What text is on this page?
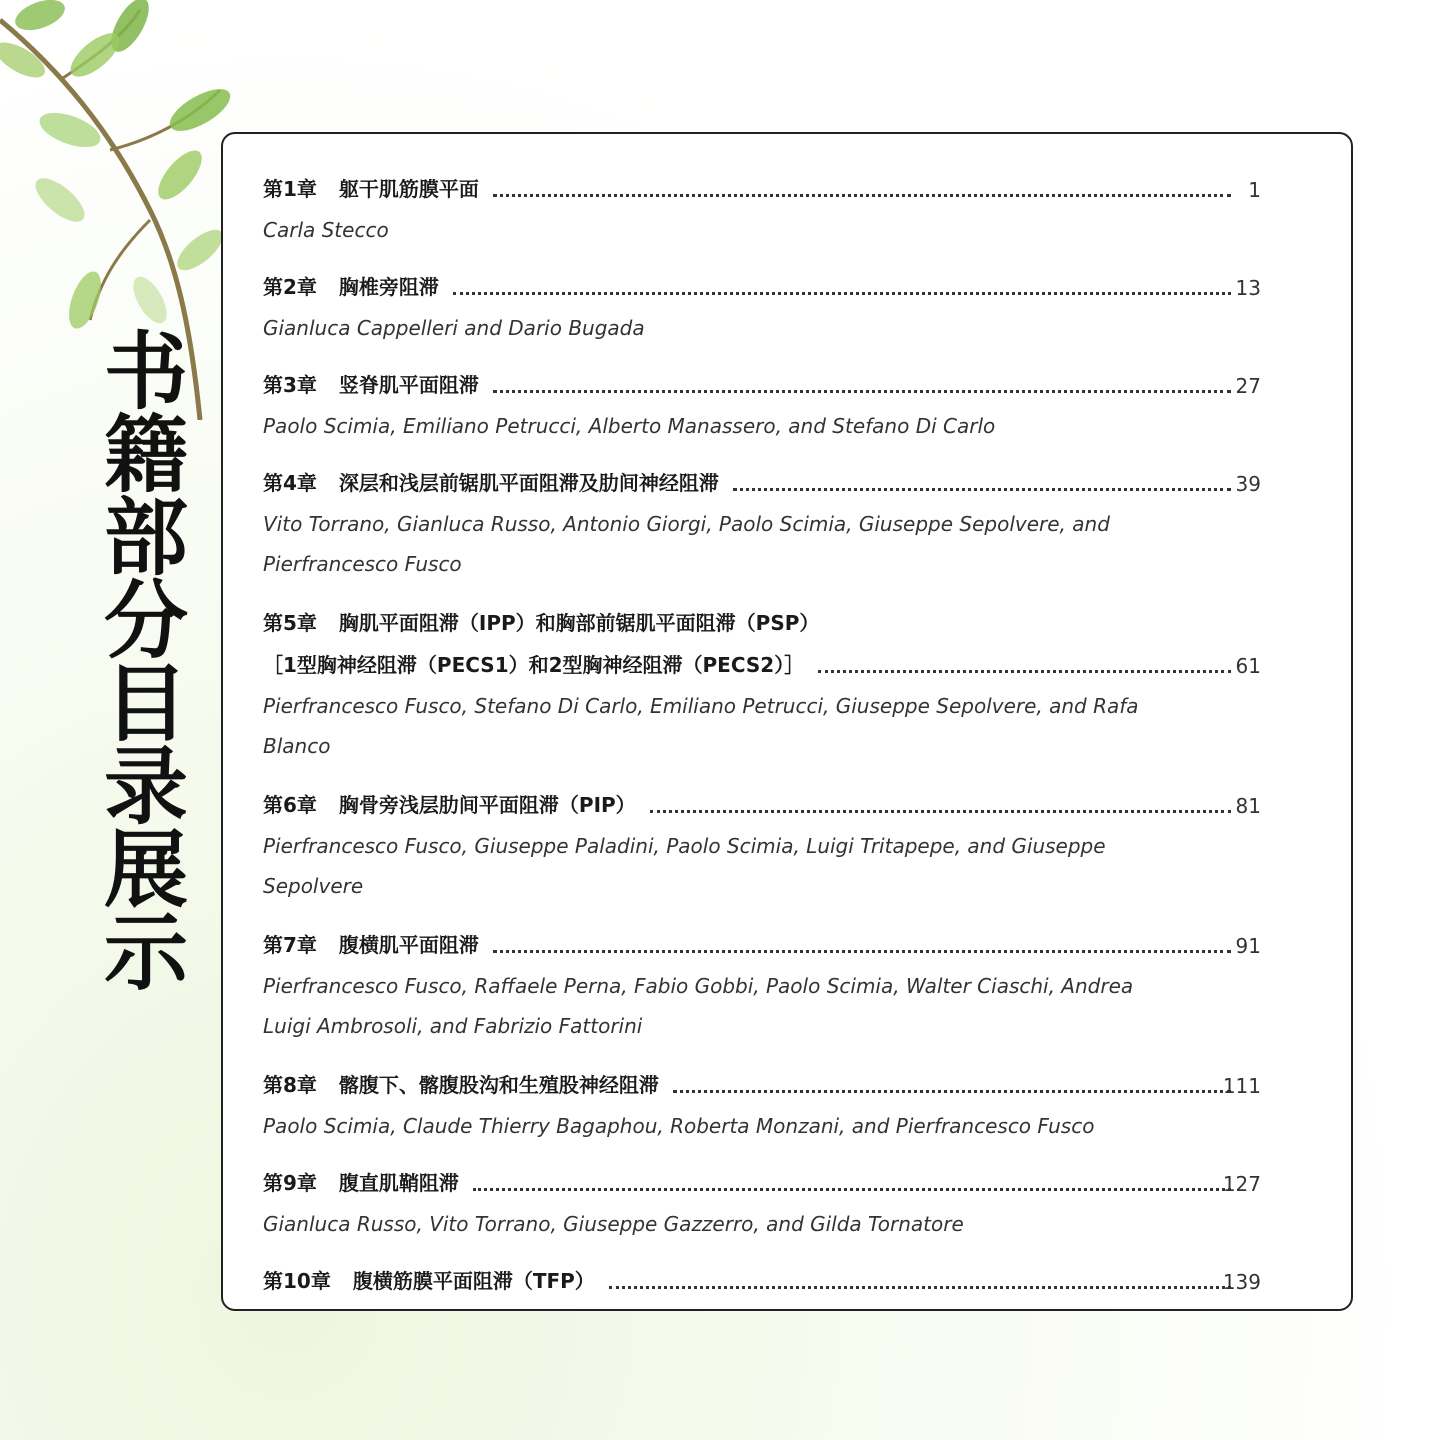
书
籍
部
分
目
录
展
示
第1章 躯干肌筋膜平面	1
Carla Stecco
第2章 胸椎旁阻滞	13
Gianluca Cappelleri and Dario Bugada
第3章 竖脊肌平面阻滞	27
Paolo Scimia, Emiliano Petrucci, Alberto Manassero, and Stefano Di Carlo
第4章 深层和浅层前锯肌平面阻滞及肋间神经阻滞	39
Vito Torrano, Gianluca Russo, Antonio Giorgi, Paolo Scimia, Giuseppe Sepolvere, and Pierfrancesco Fusco
第5章 胸肌平面阻滞（IPP）和胸部前锯肌平面阻滞（PSP）
［1型胸神经阻滞（PECS1）和2型胸神经阻滞（PECS2）］	61
Pierfrancesco Fusco, Stefano Di Carlo, Emiliano Petrucci, Giuseppe Sepolvere, and Rafa Blanco
第6章 胸骨旁浅层肋间平面阻滞（PIP）	81
Pierfrancesco Fusco, Giuseppe Paladini, Paolo Scimia, Luigi Tritapepe, and Giuseppe Sepolvere
第7章 腹横肌平面阻滞	91
Pierfrancesco Fusco, Raffaele Perna, Fabio Gobbi, Paolo Scimia, Walter Ciaschi, Andrea Luigi Ambrosoli, and Fabrizio Fattorini
第8章 髂腹下、髂腹股沟和生殖股神经阻滞	111
Paolo Scimia, Claude Thierry Bagaphou, Roberta Monzani, and Pierfrancesco Fusco
第9章 腹直肌鞘阻滞	127
Gianluca Russo, Vito Torrano, Giuseppe Gazzerro, and Gilda Tornatore
第10章 腹横筋膜平面阻滞（TFP）	139
